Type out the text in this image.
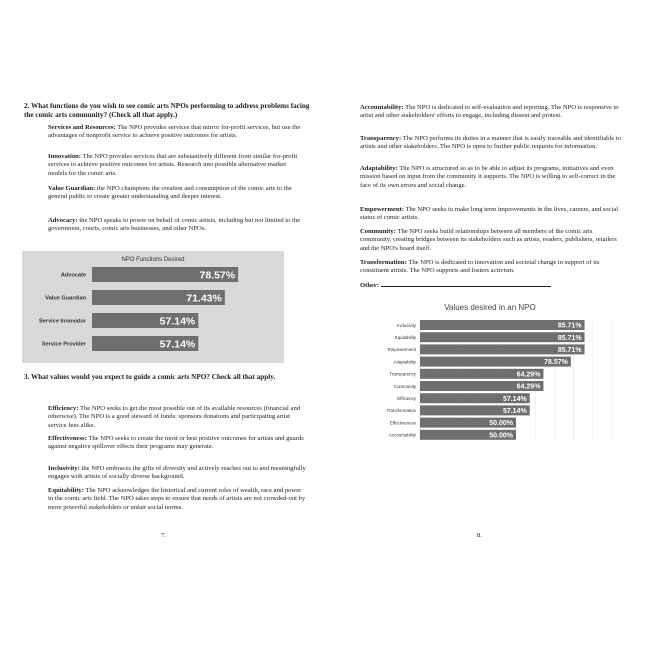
2. What functions do you wish to see comic arts NPOs performing to address problems facing the comic arts community? (Check all that apply.)
 	Services and Resources: The NPO provides services that mirror for-profit services, but use the advantages of nonprofit service to achieve positive outcomes for artists.
 	Innovation: The NPO provides services that are substantively different from similar for-profit services to achieve positive outcomes for artists. Research into possible alternative market models for the comic arts.
 	Value Guardian: the NPO champions the creation and consumption of the comic arts to the general public to create greater understanding and deeper interest.
 	Advocacy: the NPO speaks to power on behalf of comic artists, including but not limited to the government, courts, comic arts businesses, and other NPOs.
NPO Functions Desired
Advocate	78.57%
Value Guardian	71.43%
Service Innovator	57.14%
Service Provider	57.14%
3. What values would you expect to guide a comic arts NPO? Check all that apply.
 	Efficiency: The NPO seeks to get the most possible out of its available resources (financial and otherwise). The NPO is a good steward of funds: sponsors donations and participating artist service fees alike.
 	Effectiveness: The NPO seeks to create the most or best positive outcomes for artists and guards against negative spillover effects their programs may generate.
 	Inclusivity: the NPO embraces the gifts of diversity and actively reaches out to and meaningfully engages with artists of socially diverse background.
 	Equitability: The NPO acknowledges the historical and current roles of wealth, race and power in the comic arts field. The NPO takes steps to ensure that needs of artists are not crowded-out by more powerful stakeholders or unfair social norms.
7.
 	Accountability: The NPO is dedicated to self-evaluation and reporting. The NPO is responsive to artist and other stakeholders' efforts to engage, including dissent and protest.
 	Transparency: The NPO performs its duties in a manner that is easily traceable and identifiable to artists and other stakeholders. The NPO is open to further public requests for information.
 	Adaptability: The NPO is structured so as to be able to adjust its programs, initiatives and even mission based on input from the community it supports. The NPO is willing to self-correct in the face of its own errors and social change.
 	Empowerment: The NPO seeks to make long term improvements in the lives, careers, and social status of comic artists.
 	Community: The NPO seeks build relationships between all members of the comic arts community, creating bridges between its stakeholders such as artists, readers, publishers, retailers and the NPO's board itself.
 	Transformation: The NPO is dedicated to innovation and societal change in support of its constituent artists. The NPO supports and fosters activism.
 	Other:
Values desired in an NPO
Inclusivity	85.71%
Equitability	85.71%
Empowerment	85.71%
Adaptability	78.57%
Transparency	64.29%
Community	64.29%
Efficiency	57.14%
Transformation	57.14%
Effectiveness	50.00%
Accountability	50.00%
8.
